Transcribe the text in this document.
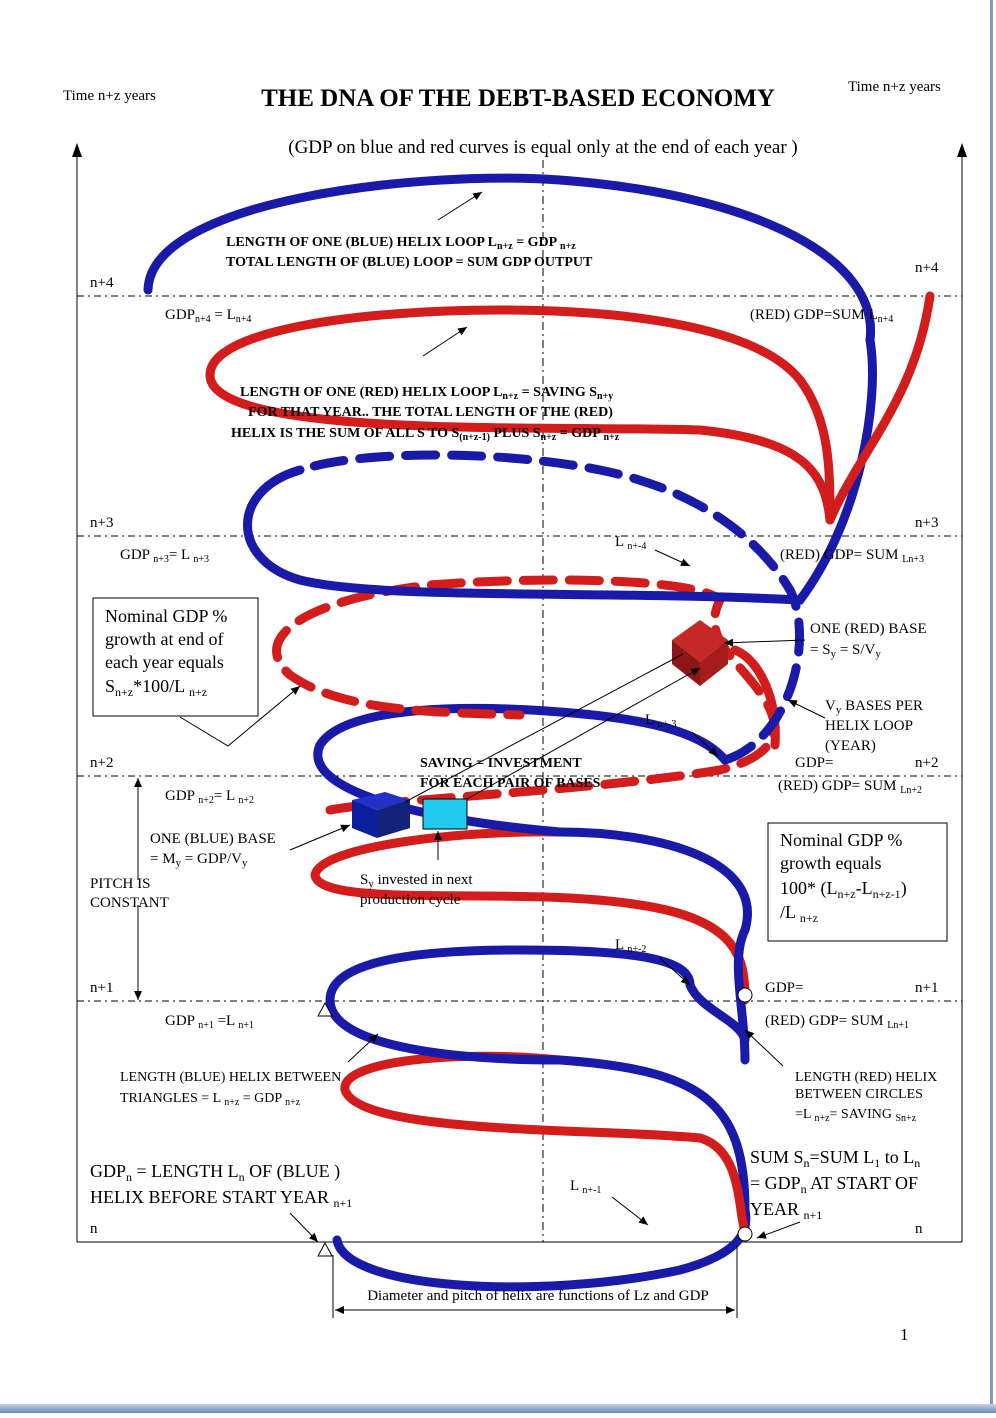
THE DNA OF THE DEBT-BASED ECONOMY
(GDP on blue and red curves is equal only at the end of each year )
Time n+z years
Time n+z years
n+4
n+4
n+3	n+3
n+2	n+2
n+1	n+1
n	n
$GDP_{n+4} = L_{n+4}$
GDP $_{n+3}$= L $_{n+3}$
GDP $_{n+2}$= L $_{n+2}$
GDP $_{n+1}$ =L $_{n+1}$
(RED) GDP=SUM $L_{n+4}$
(RED) GDP= SUM $_{Ln+3}$
GDP=
(RED) GDP= SUM $_{Ln+2}$
GDP=
(RED) GDP= SUM $_{Ln+1}$
LENGTH OF ONE (BLUE) HELIX LOOP $L_{n+z}$ = GDP $_{n+z}$
TOTAL LENGTH OF (BLUE) LOOP = SUM GDP OUTPUT
LENGTH OF ONE (RED) HELIX LOOP $L_{n+z}$ = SAVING $S_{n+y}$
FOR THAT YEAR.. THE TOTAL LENGTH OF THE (RED)
HELIX IS THE SUM OF ALL S TO $S_{(n+z-1)}$ PLUS $S_{n+z}$ = GDP $_{n+z}$
Nominal GDP %
growth at end of
each year equals
$S_{n+z}*100/L$ $_{n+z}$
ONE (RED) BASE
= $S_y = S/V_y$
$V_y$ BASES PER
HELIX LOOP
(YEAR)
SAVING = INVESTMENT
FOR EACH PAIR OF BASES
ONE (BLUE) BASE
= $M_y = GDP/V_y$
$S_y$ invested in next
production cycle
PITCH IS
CONSTANT
Nominal GDP %
growth equals
100* $(L_{n+z}-L_{n+z-1})$
/L $_{n+z}$
L $_{n+-4}$
L $_{n+-3}$
L $_{n+-2}$
L $_{n+-1}$
LENGTH (BLUE) HELIX BETWEEN
TRIANGLES = L $_{n+z}$ = GDP $_{n+z}$
LENGTH (RED) HELIX
BETWEEN CIRCLES
=L $_{n+z}$= SAVING $_{Sn+z}$
$GDP_n$ = LENGTH $L_n$ OF (BLUE )
HELIX BEFORE START YEAR $_{n+1}$
SUM $S_n=SUM$ $L_1$ to $L_n$
= $GDP_n$ AT START OF
YEAR $_{n+1}$
Diameter and pitch of helix are functions of Lz and GDP
1
